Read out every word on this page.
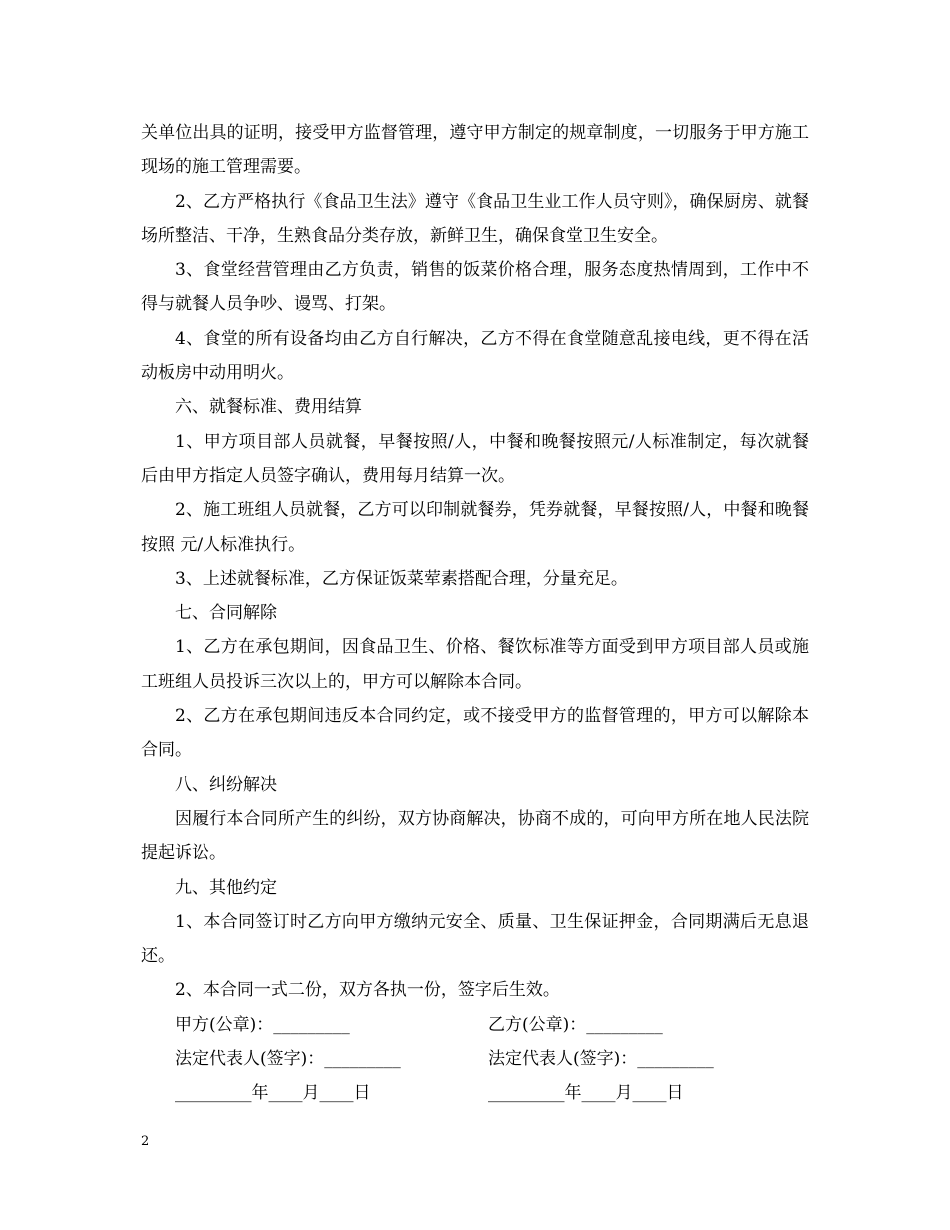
关单位出具的证明，接受甲方监督管理，遵守甲方制定的规章制度，一切服务于甲方施工现场的施工管理需要。

2、乙方严格执行《食品卫生法》遵守《食品卫生业工作人员守则》，确保厨房、就餐场所整洁、干净，生熟食品分类存放，新鲜卫生，确保食堂卫生安全。

3、食堂经营管理由乙方负责，销售的饭菜价格合理，服务态度热情周到，工作中不得与就餐人员争吵、谩骂、打架。

4、食堂的所有设备均由乙方自行解决，乙方不得在食堂随意乱接电线，更不得在活动板房中动用明火。

六、就餐标准、费用结算

1、甲方项目部人员就餐，早餐按照/人，中餐和晚餐按照元/人标准制定，每次就餐后由甲方指定人员签字确认，费用每月结算一次。

2、施工班组人员就餐，乙方可以印制就餐券，凭券就餐，早餐按照/人，中餐和晚餐按照 元/人标准执行。

3、上述就餐标准，乙方保证饭菜荤素搭配合理，分量充足。

七、合同解除

1、乙方在承包期间，因食品卫生、价格、餐饮标准等方面受到甲方项目部人员或施工班组人员投诉三次以上的，甲方可以解除本合同。

2、乙方在承包期间违反本合同约定，或不接受甲方的监督管理的，甲方可以解除本合同。

八、纠纷解决

因履行本合同所产生的纠纷，双方协商解决，协商不成的，可向甲方所在地人民法院提起诉讼。

九、其他约定

1、本合同签订时乙方向甲方缴纳元安全、质量、卫生保证押金，合同期满后无息退还。

2、本合同一式二份，双方各执一份，签字后生效。

甲方(公章)：_________	乙方(公章)：_________
法定代表人(签字)：_________	法定代表人(签字)：_________
_________年____月____日	_________年____月____日
2
